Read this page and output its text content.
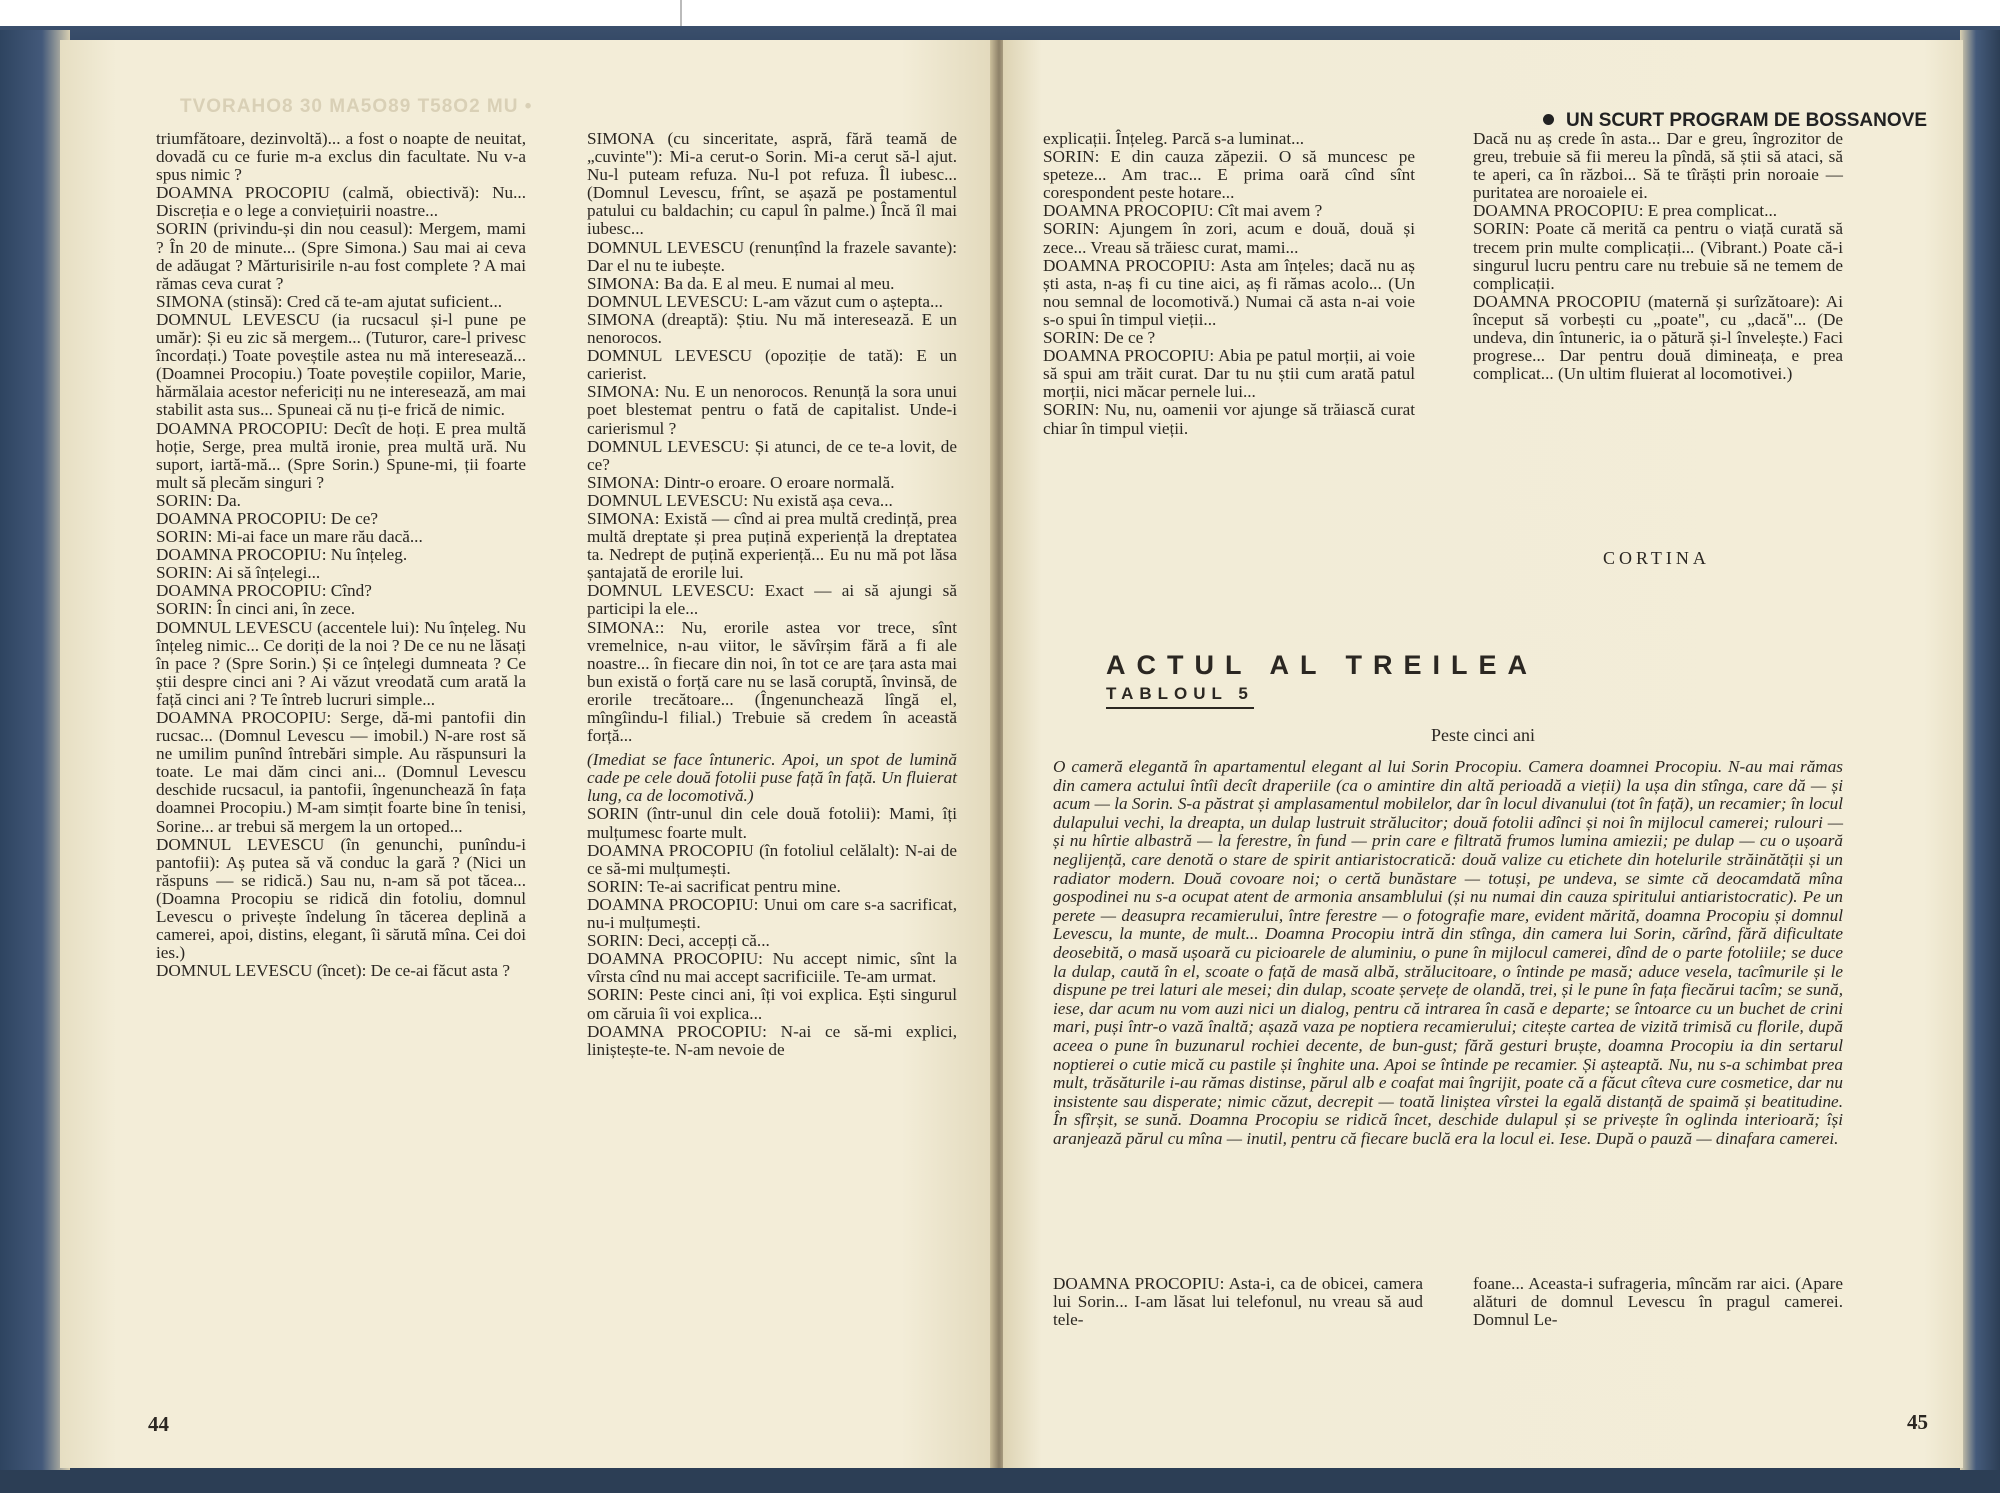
TVORAHO8 30 MA5O89 T58O2 MU •

triumfătoare, dezinvoltă)... a fost o noapte de neuitat, dovadă cu ce furie m-a exclus din facultate. Nu v-a spus nimic ?

DOAMNA PROCOPIU (calmă, obiectivă): Nu... Discreția e o lege a conviețuirii noastre...

SORIN (privindu-și din nou ceasul): Mergem, mami ? În 20 de minute... (Spre Simona.) Sau mai ai ceva de adăugat ? Mărturisirile n-au fost complete ? A mai rămas ceva curat ?

SIMONA (stinsă): Cred că te-am ajutat suficient...

DOMNUL LEVESCU (ia rucsacul și-l pune pe umăr): Și eu zic să mergem... (Tuturor, care-l privesc încordați.) Toate poveștile astea nu mă interesează... (Doamnei Procopiu.) Toate poveștile copiilor, Marie, hărmălaia acestor nefericiți nu ne interesează, am mai stabilit asta sus... Spuneai că nu ți-e frică de nimic.

DOAMNA PROCOPIU: Decît de hoți. E prea multă hoție, Serge, prea multă ironie, prea multă ură. Nu suport, iartă-mă... (Spre Sorin.) Spune-mi, ții foarte mult să plecăm singuri ?

SORIN: Da.

DOAMNA PROCOPIU: De ce?

SORIN: Mi-ai face un mare rău dacă...

DOAMNA PROCOPIU: Nu înțeleg.

SORIN: Ai să înțelegi...

DOAMNA PROCOPIU: Cînd?

SORIN: În cinci ani, în zece.

DOMNUL LEVESCU (accentele lui): Nu înțeleg. Nu înțeleg nimic... Ce doriți de la noi ? De ce nu ne lăsați în pace ? (Spre Sorin.) Și ce înțelegi dumneata ? Ce știi despre cinci ani ? Ai văzut vreodată cum arată la față cinci ani ? Te întreb lucruri simple...

DOAMNA PROCOPIU: Serge, dă-mi pantofii din rucsac... (Domnul Levescu — imobil.) N-are rost să ne umilim punînd întrebări simple. Au răspunsuri la toate. Le mai dăm cinci ani... (Domnul Levescu deschide rucsacul, ia pantofii, îngenunchează în fața doamnei Procopiu.) M-am simțit foarte bine în tenisi, Sorine... ar trebui să mergem la un ortoped...

DOMNUL LEVESCU (în genunchi, punîndu-i pantofii): Aș putea să vă conduc la gară ? (Nici un răspuns — se ridică.) Sau nu, n-am să pot tăcea... (Doamna Procopiu se ridică din fotoliu, domnul Levescu o privește îndelung în tăcerea deplină a camerei, apoi, distins, elegant, îi sărută mîna. Cei doi ies.)

DOMNUL LEVESCU (încet): De ce-ai făcut asta ?

SIMONA (cu sinceritate, aspră, fără teamă de „cuvinte"): Mi-a cerut-o Sorin. Mi-a cerut să-l ajut. Nu-l puteam refuza. Nu-l pot refuza. Îl iubesc... (Domnul Levescu, frînt, se așază pe postamentul patului cu baldachin; cu capul în palme.) Încă îl mai iubesc...

DOMNUL LEVESCU (renunțînd la frazele savante): Dar el nu te iubește.

SIMONA: Ba da. E al meu. E numai al meu.

DOMNUL LEVESCU: L-am văzut cum o aștepta...

SIMONA (dreaptă): Știu. Nu mă interesează. E un nenorocos.

DOMNUL LEVESCU (opoziție de tată): E un carierist.

SIMONA: Nu. E un nenorocos. Renunță la sora unui poet blestemat pentru o fată de capitalist. Unde-i carierismul ?

DOMNUL LEVESCU: Și atunci, de ce te-a lovit, de ce?

SIMONA: Dintr-o eroare. O eroare normală.

DOMNUL LEVESCU: Nu există așa ceva...

SIMONA: Există — cînd ai prea multă credință, prea multă dreptate și prea puțină experiență la dreptatea ta. Nedrept de puțină experiență... Eu nu mă pot lăsa șantajată de erorile lui.

DOMNUL LEVESCU: Exact — ai să ajungi să participi la ele...

SIMONA:: Nu, erorile astea vor trece, sînt vremelnice, n-au viitor, le săvîrșim fără a fi ale noastre... în fiecare din noi, în tot ce are țara asta mai bun există o forță care nu se lasă coruptă, învinsă, de erorile trecătoare... (Îngenunchează lîngă el, mîngîindu-l filial.) Trebuie să credem în această forță...

(Imediat se face întuneric. Apoi, un spot de lumină cade pe cele două fotolii puse față în față. Un fluierat lung, ca de locomotivă.)

SORIN (într-unul din cele două fotolii): Mami, îți mulțumesc foarte mult.

DOAMNA PROCOPIU (în fotoliul celălalt): N-ai de ce să-mi mulțumești.

SORIN: Te-ai sacrificat pentru mine.

DOAMNA PROCOPIU: Unui om care s-a sacrificat, nu-i mulțumești.

SORIN: Deci, accepți că...

DOAMNA PROCOPIU: Nu accept nimic, sînt la vîrsta cînd nu mai accept sacrificiile. Te-am urmat.

SORIN: Peste cinci ani, îți voi explica. Ești singurul om căruia îi voi explica...

DOAMNA PROCOPIU: N-ai ce să-mi explici, liniștește-te. N-am nevoie de

44
UN SCURT PROGRAM DE BOSSANOVE

explicații. Înțeleg. Parcă s-a luminat...

SORIN: E din cauza zăpezii. O să muncesc pe speteze... Am trac... E prima oară cînd sînt corespondent peste hotare...

DOAMNA PROCOPIU: Cît mai avem ?

SORIN: Ajungem în zori, acum e două, două și zece... Vreau să trăiesc curat, mami...

DOAMNA PROCOPIU: Asta am înțeles; dacă nu aș ști asta, n-aș fi cu tine aici, aș fi rămas acolo... (Un nou semnal de locomotivă.) Numai că asta n-ai voie s-o spui în timpul vieții...

SORIN: De ce ?

DOAMNA PROCOPIU: Abia pe patul morții, ai voie să spui am trăit curat. Dar tu nu știi cum arată patul morții, nici măcar pernele lui...

SORIN: Nu, nu, oamenii vor ajunge să trăiască curat chiar în timpul vieții.

Dacă nu aș crede în asta... Dar e greu, îngrozitor de greu, trebuie să fii mereu la pîndă, să știi să ataci, să te aperi, ca în război... Să te tîrăști prin noroaie — puritatea are noroaiele ei.

DOAMNA PROCOPIU: E prea complicat...

SORIN: Poate că merită ca pentru o viață curată să trecem prin multe complicații... (Vibrant.) Poate că-i singurul lucru pentru care nu trebuie să ne temem de complicații.

DOAMNA PROCOPIU (maternă și surîzătoare): Ai început să vorbești cu „poate", cu „dacă"... (De undeva, din întuneric, ia o pătură și-l învelește.) Faci progrese... Dar pentru două dimineața, e prea complicat... (Un ultim fluierat al locomotivei.)

CORTINA
ACTUL AL TREILEA
TABLOUL 5
Peste cinci ani
O cameră elegantă în apartamentul elegant al lui Sorin Procopiu. Camera doamnei Procopiu. N-au mai rămas din camera actului întîi decît draperiile (ca o amintire din altă perioadă a vieții) la ușa din stînga, care dă — și acum — la Sorin. S-a păstrat și amplasamentul mobilelor, dar în locul divanului (tot în față), un recamier; în locul dulapului vechi, la dreapta, un dulap lustruit strălucitor; două fotolii adînci și noi în mijlocul camerei; rulouri — și nu hîrtie albastră — la ferestre, în fund — prin care e filtrată frumos lumina amiezii; pe dulap — cu o ușoară neglijență, care denotă o stare de spirit antiaristocratică: două valize cu etichete din hotelurile străinătății și un radiator modern. Două covoare noi; o certă bunăstare — totuși, pe undeva, se simte că deocamdată mîna gospodinei nu s-a ocupat atent de armonia ansamblului (și nu numai din cauza spiritului antiaristocratic). Pe un perete — deasupra recamierului, între ferestre — o fotografie mare, evident mărită, doamna Procopiu și domnul Levescu, la munte, de mult... Doamna Procopiu intră din stînga, din camera lui Sorin, cărînd, fără dificultate deosebită, o masă ușoară cu picioarele de aluminiu, o pune în mijlocul camerei, dînd de o parte fotoliile; se duce la dulap, caută în el, scoate o față de masă albă, strălucitoare, o întinde pe masă; aduce vesela, tacîmurile și le dispune pe trei laturi ale mesei; din dulap, scoate șervețe de olandă, trei, și le pune în fața fiecărui tacîm; se sună, iese, dar acum nu vom auzi nici un dialog, pentru că intrarea în casă e departe; se întoarce cu un buchet de crini mari, puși într-o vază înaltă; așază vaza pe noptiera recamierului; citește cartea de vizită trimisă cu florile, după aceea o pune în buzunarul rochiei decente, de bun-gust; fără gesturi bruște, doamna Procopiu ia din sertarul noptierei o cutie mică cu pastile și înghite una. Apoi se întinde pe recamier. Și așteaptă. Nu, nu s-a schimbat prea mult, trăsăturile i-au rămas distinse, părul alb e coafat mai îngrijit, poate că a făcut cîteva cure cosmetice, dar nu insistente sau disperate; nimic căzut, decrepit — toată liniștea vîrstei la egală distanță de spaimă și beatitudine. În sfîrșit, se sună. Doamna Procopiu se ridică încet, deschide dulapul și se privește în oglinda interioară; își aranjează părul cu mîna — inutil, pentru că fiecare buclă era la locul ei. Iese. După o pauză — dinafara camerei.
DOAMNA PROCOPIU: Asta-i, ca de obicei, camera lui Sorin... I-am lăsat lui telefonul, nu vreau să aud tele-
foane... Aceasta-i sufrageria, mîncăm rar aici. (Apare alături de domnul Levescu în pragul camerei. Domnul Le-
45
